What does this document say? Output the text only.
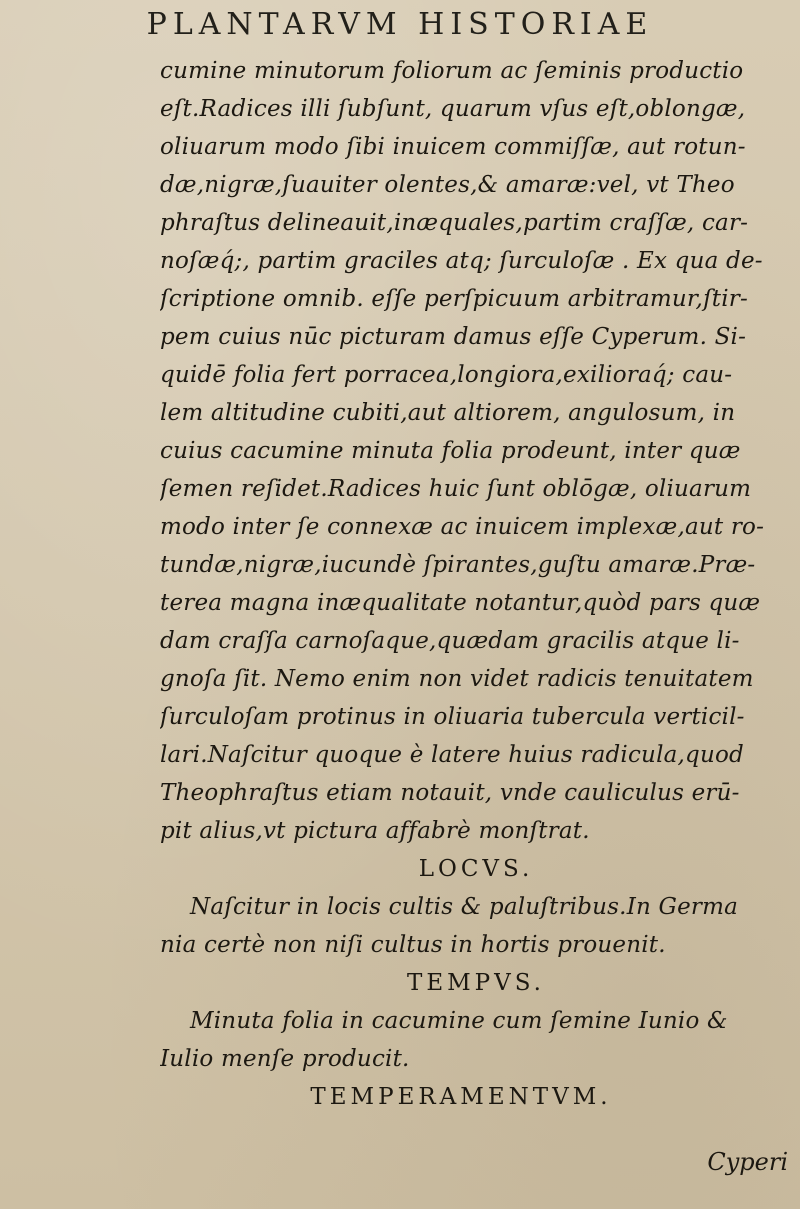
PLANTARVM HISTORIAE
cumine minutorum foliorum ac ſeminis productio
eſt.Radices illi ſubſunt, quarum vſus eſt,oblongæ,
oliuarum modo ſibi inuicem commiſſæ, aut rotun-
dæ,nigræ,ſuauiter olentes,& amaræ:vel, vt Theo
phraſtus delineauit,inæquales,partim craſſæ, car-
noſæq́;, partim graciles atq; ſurculoſæ . Ex qua de-
ſcriptione omnib. eſſe perſpicuum arbitramur,ſtir-
pem cuius nūc picturam damus eſſe Cyperum. Si-
quidē folia fert porracea,longiora,exilioraq́; cau-
lem altitudine cubiti,aut altiorem, angulosum, in
cuius cacumine minuta folia prodeunt, inter quæ
ſemen reſidet.Radices huic ſunt oblōgæ, oliuarum
modo inter ſe connexæ ac inuicem implexæ,aut ro-
tundæ,nigræ,iucundè ſpirantes,guſtu amaræ.Præ-
terea magna inæqualitate notantur,quòd pars quæ
dam craſſa carnoſaque,quædam gracilis atque li-
gnoſa ſit. Nemo enim non videt radicis tenuitatem
ſurculoſam protinus in oliuaria tubercula verticil-
lari.Naſcitur quoque è latere huius radicula,quod
Theophraſtus etiam notauit, vnde cauliculus erū-
pit alius,vt pictura affabrè monſtrat.
LOCVS.
Naſcitur in locis cultis & paluſtribus.In Germa
nia certè non niſi cultus in hortis prouenit.
TEMPVS.
Minuta folia in cacumine cum ſemine Iunio &
Iulio menſe producit.
TEMPERAMENTVM.
Cyperi
